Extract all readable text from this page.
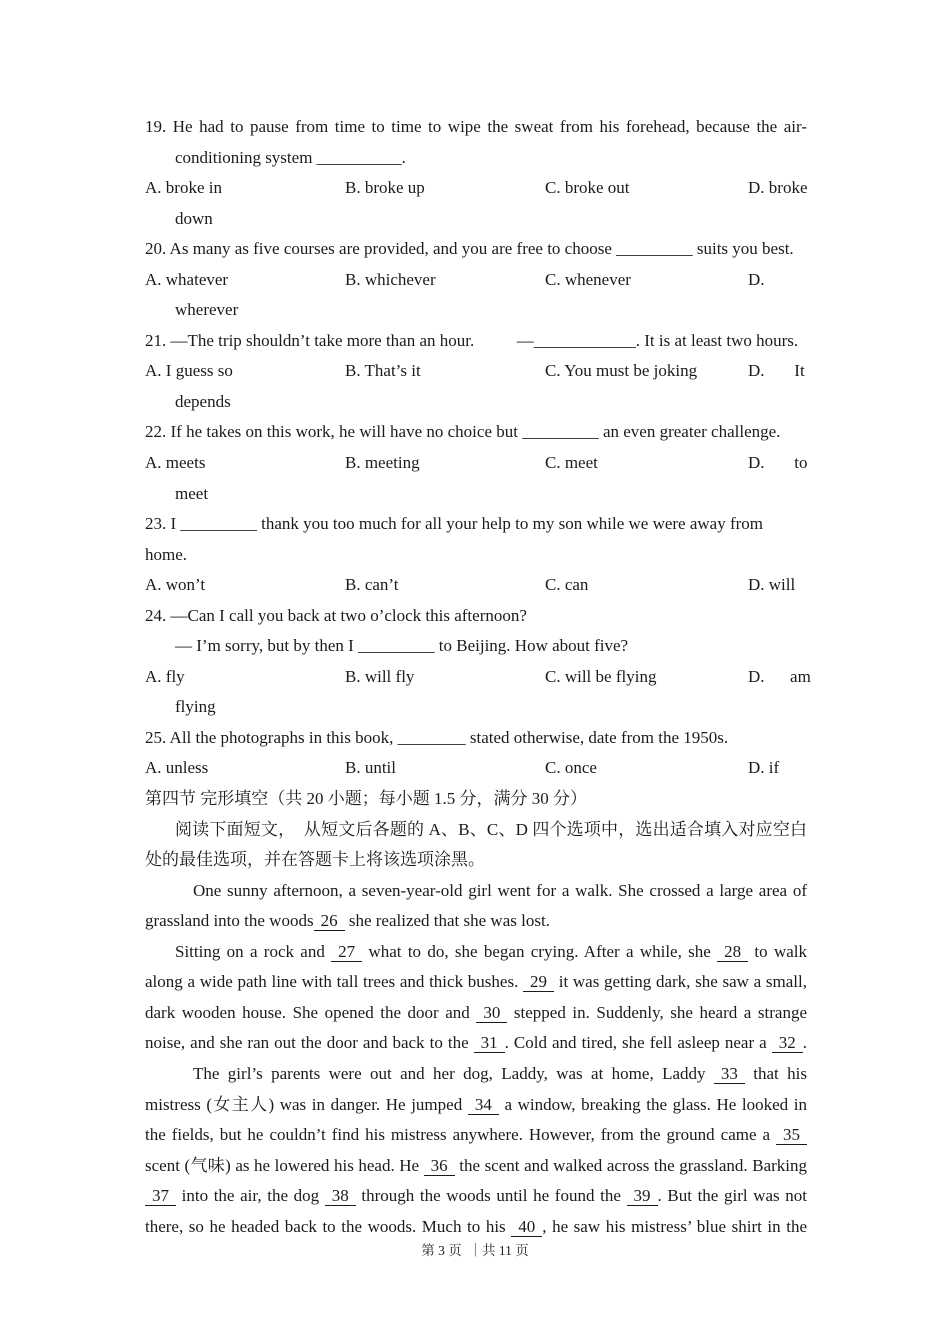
19. He had to pause from time to time to wipe the sweat from his forehead, because the air-
conditioning system __________.
A. broke in	B. broke up	C. broke out	D. broke
down
20. As many as five courses are provided, and you are free to choose _________ suits you best.
A. whatever	B. whichever	C. whenever	D.
wherever
21. —The trip shouldn’t take more than an hour.          —____________. It is at least two hours.
A. I guess so	B. That’s it	C. You must be joking	D.       It
depends
22. If he takes on this work, he will have no choice but _________ an even greater challenge.
A. meets	B. meeting	C. meet	D.       to
meet
23. I _________ thank you too much for all your help to my son while we were away from home.
A. won’t	B. can’t	C. can	D. will
24. —Can I call you back at two o’clock this afternoon?
— I’m sorry, but by then I _________ to Beijing. How about five?
A. fly	B. will fly	C. will be flying	D.      am
flying
25. All the photographs in this book, ________ stated otherwise, date from the 1950s.
A. unless	B. until	C. once	D. if
第四节 完形填空（共 20 小题；每小题 1.5 分，满分 30 分）
阅读下面短文，　从短文后各题的 A、B、C、D 四个选项中，选出适合填入对应空白
处的最佳选项，并在答题卡上将该选项涂黑。
One sunny afternoon, a seven-year-old girl went for a walk. She crossed a large area of
grassland into the woods 26 she realized that she was lost.
Sitting on a rock and 27 what to do, she began crying. After a while, she 28 to walk
along a wide path line with tall trees and thick bushes. 29 it was getting dark, she saw a small,
dark wooden house. She opened the door and 30 stepped in. Suddenly, she heard a strange
noise, and she ran out the door and back to the 31 . Cold and tired, she fell asleep near a 32 .
The girl’s parents were out and her dog, Laddy, was at home, Laddy 33 that his
mistress (女主人) was in danger. He jumped 34 a window, breaking the glass. He looked in
the fields, but he couldn’t find his mistress anywhere. However, from the ground came a 35
scent (气味) as he lowered his head. He 36 the scent and walked across the grassland. Barking
37 into the air, the dog 38 through the woods until he found the 39 . But the girl was not
there, so he headed back to the woods. Much to his 40 , he saw his mistress’ blue shirt in the
第 3 页  ｜共 11 页
